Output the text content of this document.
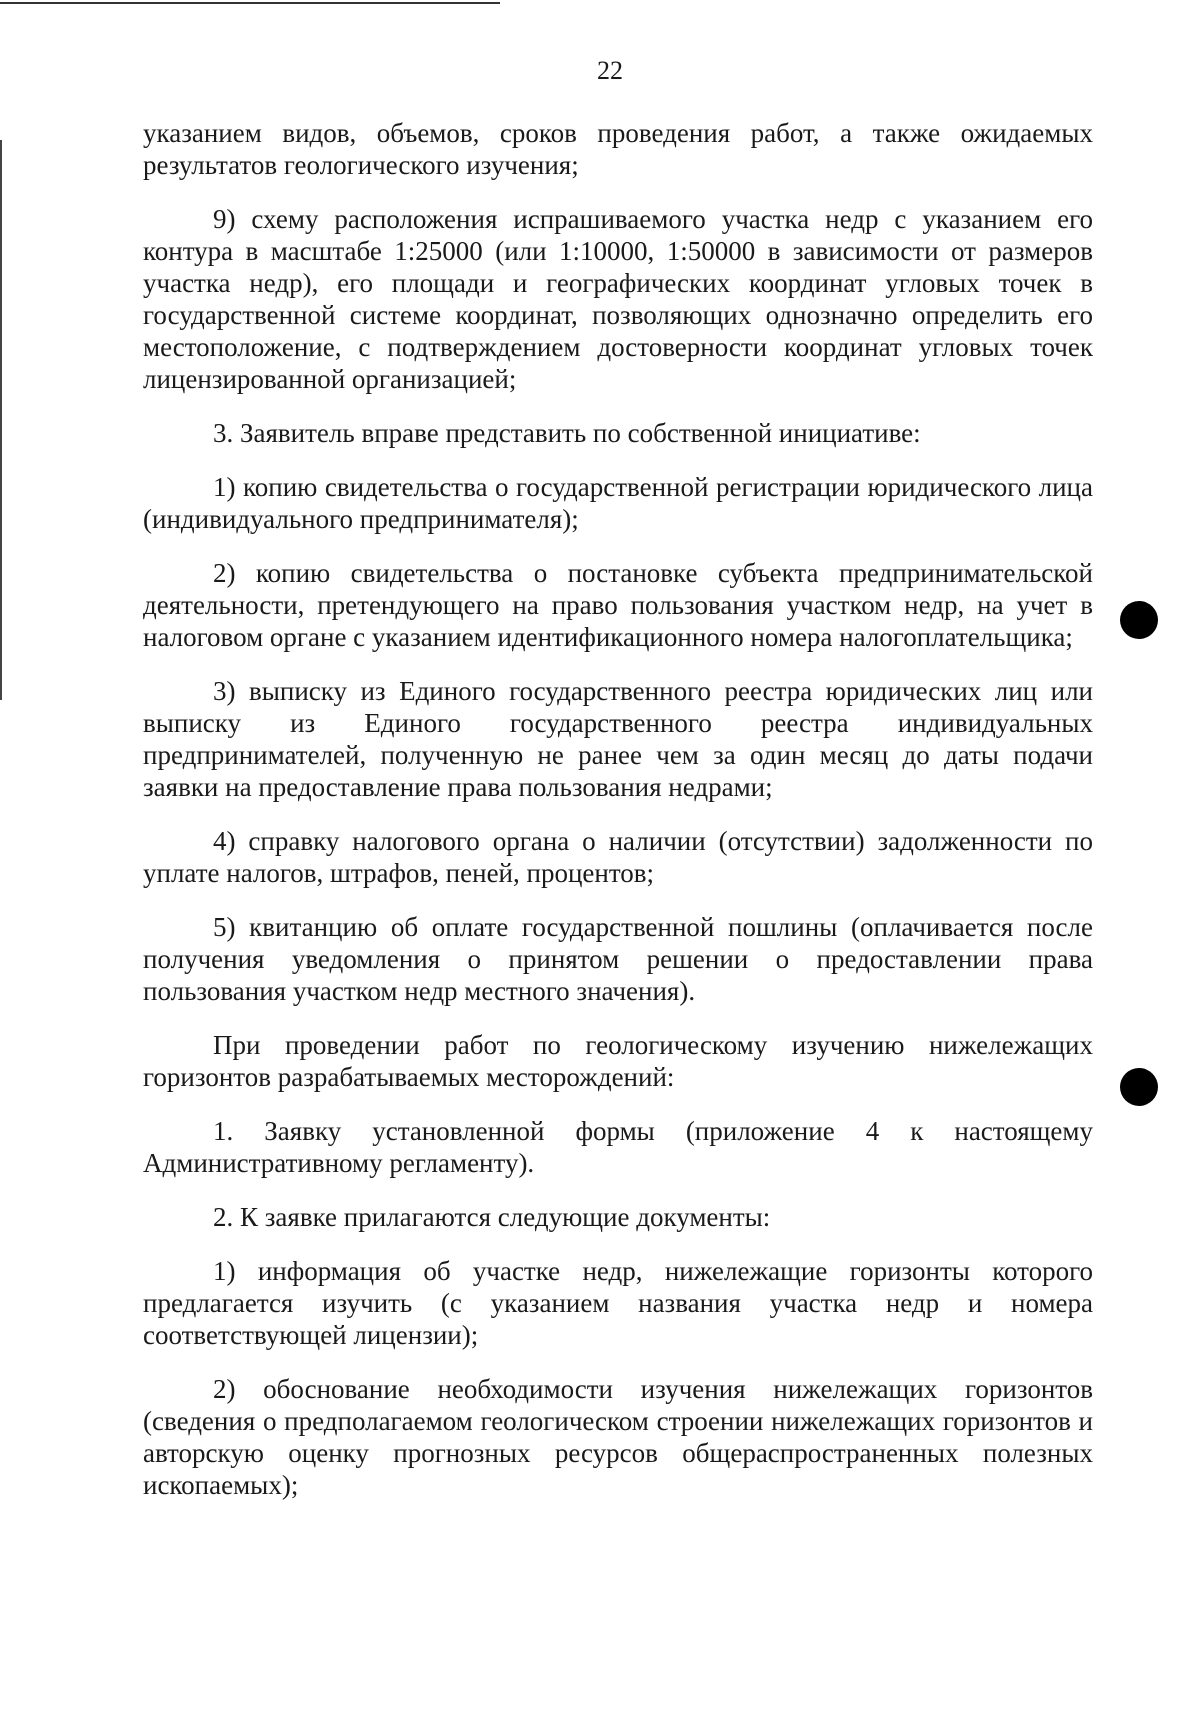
22

указанием видов, объемов, сроков проведения работ, а также ожидаемых результатов геологического изучения;

9) схему расположения испрашиваемого участка недр с указанием его контура в масштабе 1:25000 (или 1:10000, 1:50000 в зависимости от размеров участка недр), его площади и географических координат угловых точек в государственной системе координат, позволяющих однозначно определить его местоположение, с подтверждением достоверности координат угловых точек лицензированной организацией;

3. Заявитель вправе представить по собственной инициативе:

1) копию свидетельства о государственной регистрации юридического лица (индивидуального предпринимателя);

2) копию свидетельства о постановке субъекта предпринимательской деятельности, претендующего на право пользования участком недр, на учет в налоговом органе с указанием идентификационного номера налогоплательщика;

3) выписку из Единого государственного реестра юридических лиц или выписку из Единого государственного реестра индивидуальных предпринимателей, полученную не ранее чем за один месяц до даты подачи заявки на предоставление права пользования недрами;

4) справку налогового органа о наличии (отсутствии) задолженности по уплате налогов, штрафов, пеней, процентов;

5) квитанцию об оплате государственной пошлины (оплачивается после получения уведомления о принятом решении о предоставлении права пользования участком недр местного значения).

При проведении работ по геологическому изучению нижележащих горизонтов разрабатываемых месторождений:

1. Заявку установленной формы (приложение 4 к настоящему Административному регламенту).

2. К заявке прилагаются следующие документы:

1) информация об участке недр, нижележащие горизонты которого предлагается изучить (с указанием названия участка недр и номера соответствующей лицензии);

2) обоснование необходимости изучения нижележащих горизонтов (сведения о предполагаемом геологическом строении нижележащих горизонтов и авторскую оценку прогнозных ресурсов общераспространенных полезных ископаемых);
